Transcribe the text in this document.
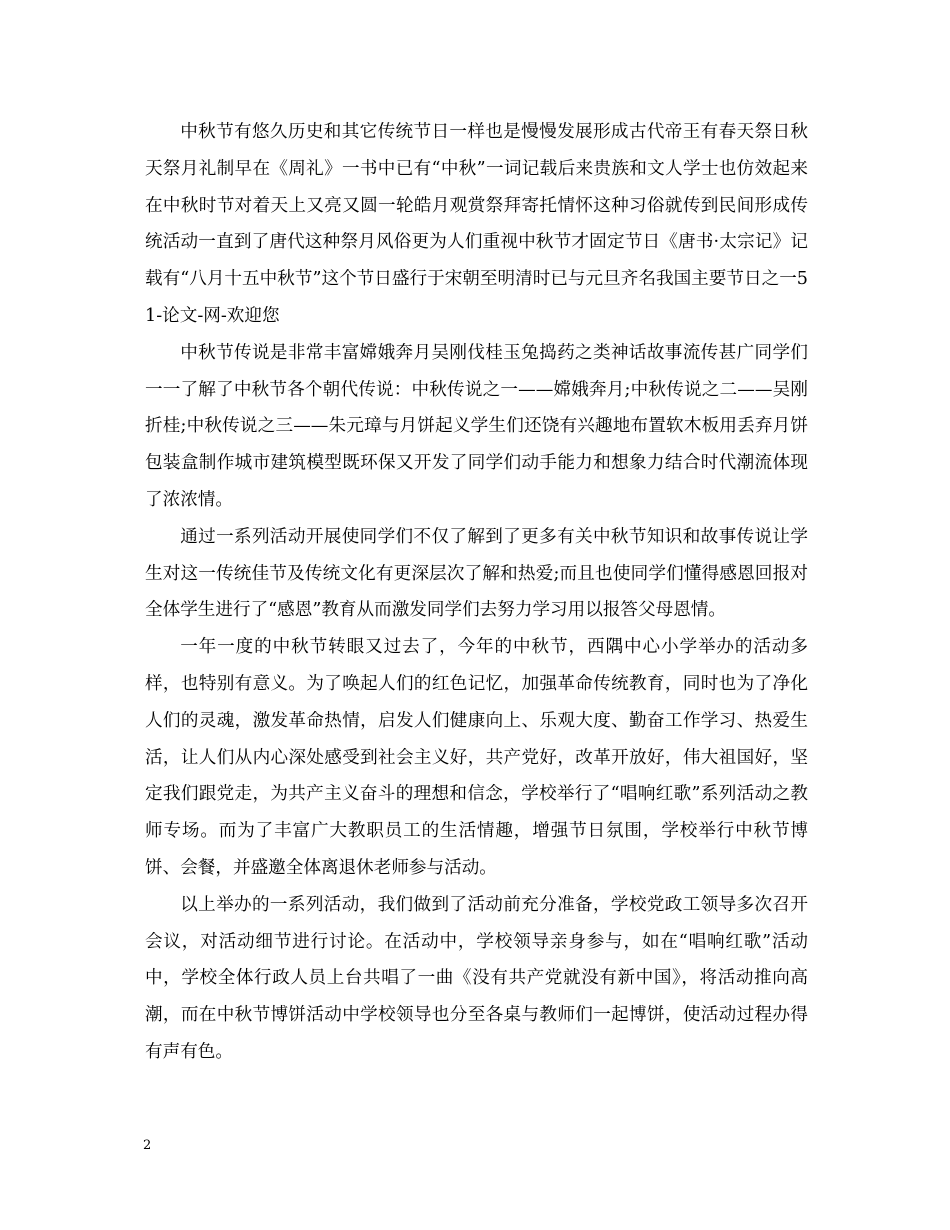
中秋节有悠久历史和其它传统节日一样也是慢慢发展形成古代帝王有春天祭日秋天祭月礼制早在《周礼》一书中已有“中秋”一词记载后来贵族和文人学士也仿效起来在中秋时节对着天上又亮又圆一轮皓月观赏祭拜寄托情怀这种习俗就传到民间形成传统活动一直到了唐代这种祭月风俗更为人们重视中秋节才固定节日《唐书·太宗记》记载有“八月十五中秋节”这个节日盛行于宋朝至明清时已与元旦齐名我国主要节日之一51-论文-网-欢迎您

中秋节传说是非常丰富嫦娥奔月吴刚伐桂玉兔捣药之类神话故事流传甚广同学们一一了解了中秋节各个朝代传说：中秋传说之一——嫦娥奔月;中秋传说之二——吴刚折桂;中秋传说之三——朱元璋与月饼起义学生们还饶有兴趣地布置软木板用丢弃月饼包装盒制作城市建筑模型既环保又开发了同学们动手能力和想象力结合时代潮流体现了浓浓情。

通过一系列活动开展使同学们不仅了解到了更多有关中秋节知识和故事传说让学生对这一传统佳节及传统文化有更深层次了解和热爱;而且也使同学们懂得感恩回报对全体学生进行了“感恩”教育从而激发同学们去努力学习用以报答父母恩情。

一年一度的中秋节转眼又过去了，今年的中秋节，西隅中心小学举办的活动多样，也特别有意义。为了唤起人们的红色记忆，加强革命传统教育，同时也为了净化人们的灵魂，激发革命热情，启发人们健康向上、乐观大度、勤奋工作学习、热爱生活，让人们从内心深处感受到社会主义好，共产党好，改革开放好，伟大祖国好，坚定我们跟党走，为共产主义奋斗的理想和信念，学校举行了“唱响红歌”系列活动之教师专场。而为了丰富广大教职员工的生活情趣，增强节日氛围，学校举行中秋节博饼、会餐，并盛邀全体离退休老师参与活动。

以上举办的一系列活动，我们做到了活动前充分准备，学校党政工领导多次召开会议，对活动细节进行讨论。在活动中，学校领导亲身参与，如在“唱响红歌”活动中，学校全体行政人员上台共唱了一曲《没有共产党就没有新中国》，将活动推向高潮，而在中秋节博饼活动中学校领导也分至各桌与教师们一起博饼，使活动过程办得有声有色。

2
